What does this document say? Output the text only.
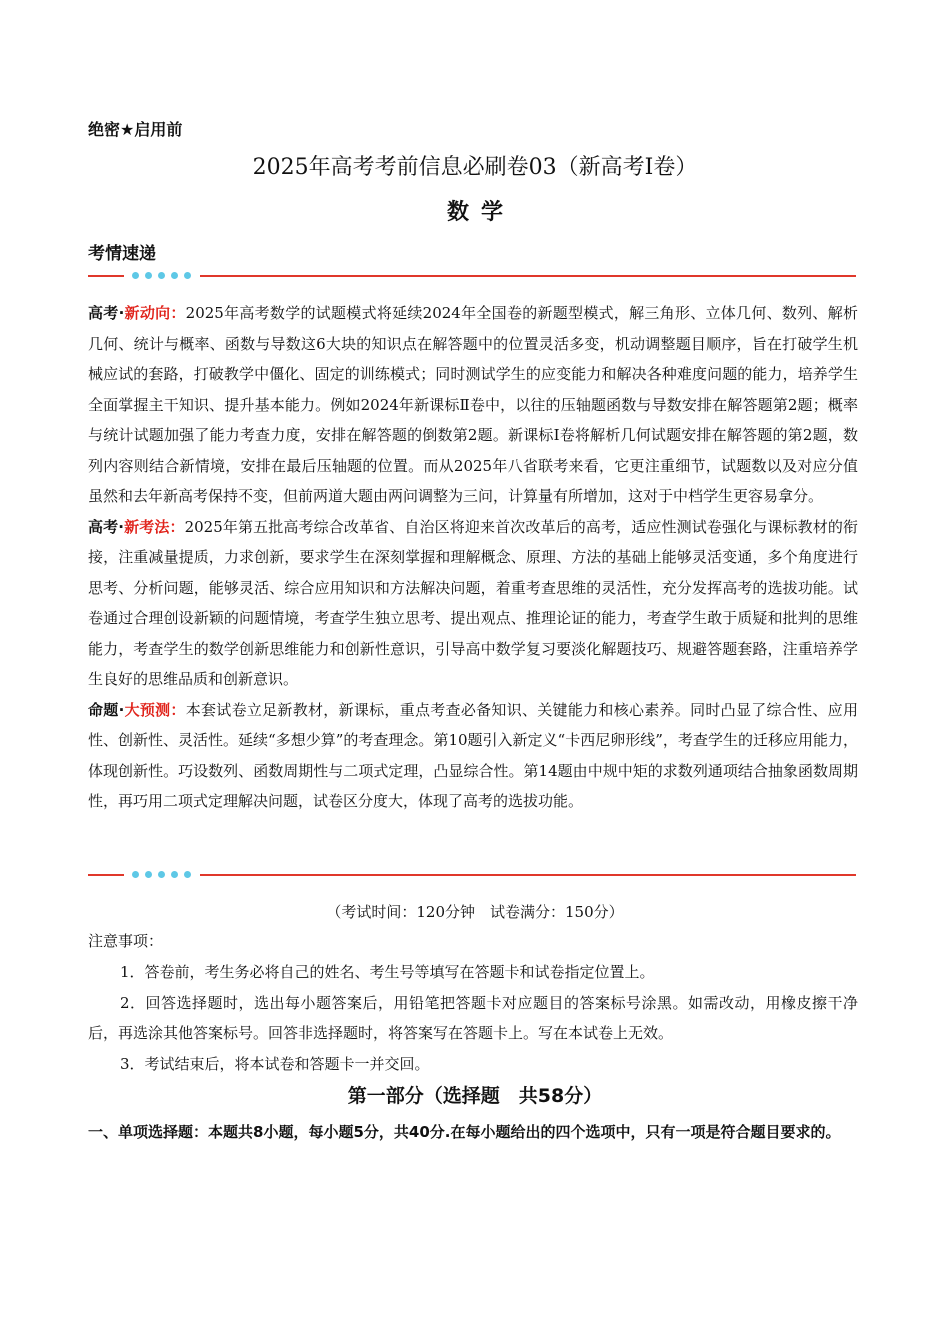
绝密★启用前
2025年高考考前信息必刷卷03（新高考Ⅰ卷）
数学
考情速递

高考·新动向：2025年高考数学的试题模式将延续2024年全国卷的新题型模式，解三角形、立体几何、数列、解析几何、统计与概率、函数与导数这6大块的知识点在解答题中的位置灵活多变，机动调整题目顺序，旨在打破学生机械应试的套路，打破教学中僵化、固定的训练模式；同时测试学生的应变能力和解决各种难度问题的能力，培养学生全面掌握主干知识、提升基本能力。例如2024年新课标Ⅱ卷中，以往的压轴题函数与导数安排在解答题第2题；概率与统计试题加强了能力考查力度，安排在解答题的倒数第2题。新课标Ⅰ卷将解析几何试题安排在解答题的第2题，数列内容则结合新情境，安排在最后压轴题的位置。而从2025年八省联考来看，它更注重细节，试题数以及对应分值虽然和去年新高考保持不变，但前两道大题由两问调整为三问，计算量有所增加，这对于中档学生更容易拿分。

高考·新考法：2025年第五批高考综合改革省、自治区将迎来首次改革后的高考，适应性测试卷强化与课标教材的衔接，注重减量提质，力求创新，要求学生在深刻掌握和理解概念、原理、方法的基础上能够灵活变通，多个角度进行思考、分析问题，能够灵活、综合应用知识和方法解决问题，着重考查思维的灵活性，充分发挥高考的选拔功能。试卷通过合理创设新颖的问题情境，考查学生独立思考、提出观点、推理论证的能力，考查学生敢于质疑和批判的思维能力，考查学生的数学创新思维能力和创新性意识，引导高中数学复习要淡化解题技巧、规避答题套路，注重培养学生良好的思维品质和创新意识。

命题·大预测：本套试卷立足新教材，新课标，重点考查必备知识、关键能力和核心素养。同时凸显了综合性、应用性、创新性、灵活性。延续“多想少算”的考查理念。第10题引入新定义“卡西尼卵形线”，考查学生的迁移应用能力，体现创新性。巧设数列、函数周期性与二项式定理，凸显综合性。第14题由中规中矩的求数列通项结合抽象函数周期性，再巧用二项式定理解决问题，试卷区分度大，体现了高考的选拔功能。

（考试时间：120分钟　试卷满分：150分）
注意事项：

1．答卷前，考生务必将自己的姓名、考生号等填写在答题卡和试卷指定位置上。

2．回答选择题时，选出每小题答案后，用铅笔把答题卡对应题目的答案标号涂黑。如需改动，用橡皮擦干净后，再选涂其他答案标号。回答非选择题时，将答案写在答题卡上。写在本试卷上无效。

3．考试结束后，将本试卷和答题卡一并交回。

第一部分（选择题　共58分）
一、单项选择题：本题共8小题，每小题5分，共40分.在每小题给出的四个选项中，只有一项是符合题目要求的。
